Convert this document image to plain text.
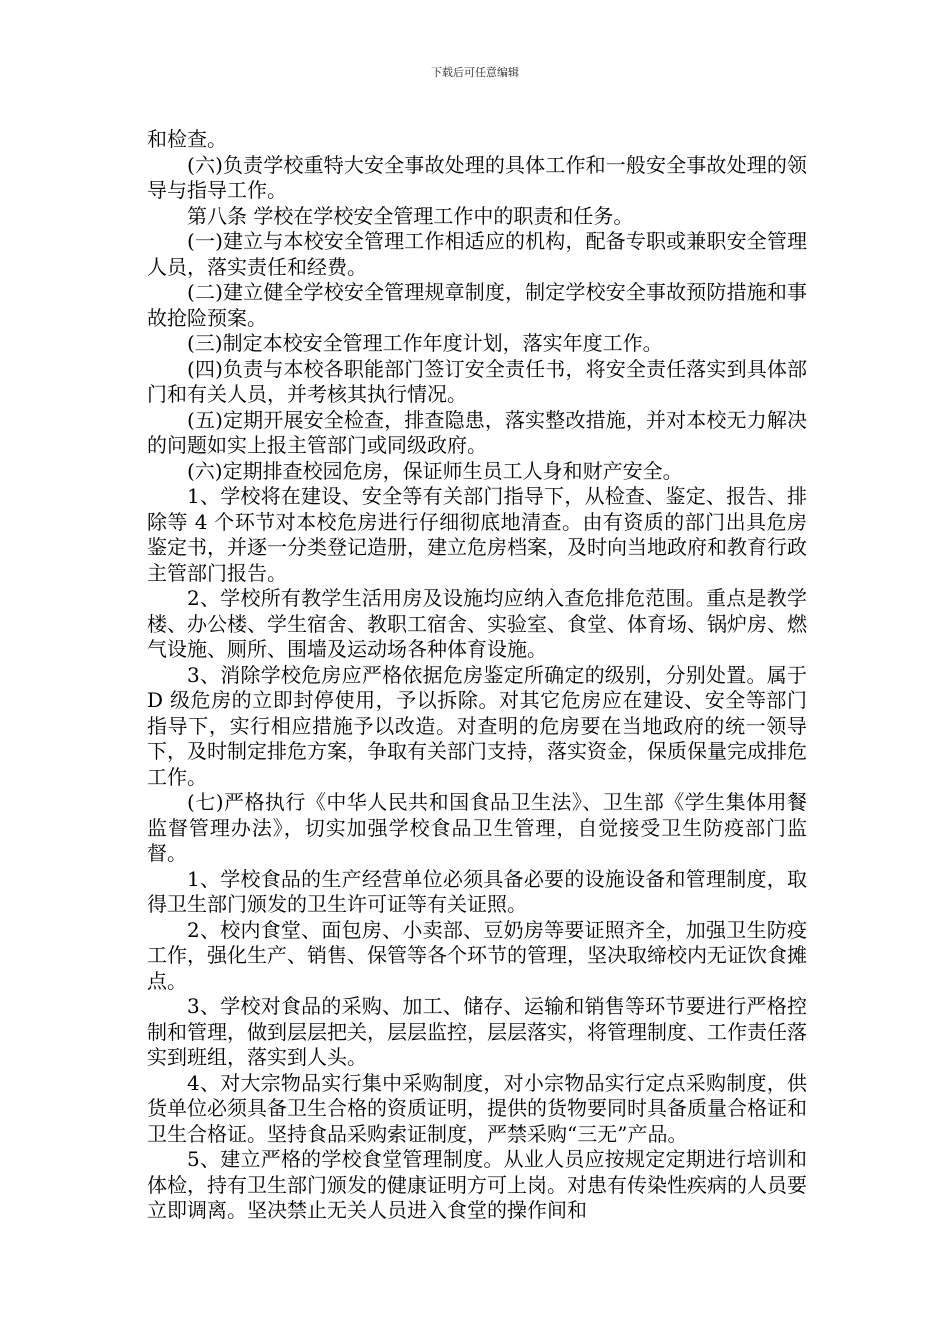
下载后可任意编辑

和检查。

(六)负责学校重特大安全事故处理的具体工作和一般安全事故处理的领导与指导工作。

第八条 学校在学校安全管理工作中的职责和任务。

(一)建立与本校安全管理工作相适应的机构，配备专职或兼职安全管理人员，落实责任和经费。

(二)建立健全学校安全管理规章制度，制定学校安全事故预防措施和事故抢险预案。

(三)制定本校安全管理工作年度计划，落实年度工作。

(四)负责与本校各职能部门签订安全责任书，将安全责任落实到具体部门和有关人员，并考核其执行情况。

(五)定期开展安全检查，排查隐患，落实整改措施，并对本校无力解决的问题如实上报主管部门或同级政府。

(六)定期排查校园危房，保证师生员工人身和财产安全。

1、学校将在建设、安全等有关部门指导下，从检查、鉴定、报告、排除等 4 个环节对本校危房进行仔细彻底地清查。由有资质的部门出具危房鉴定书，并逐一分类登记造册，建立危房档案，及时向当地政府和教育行政主管部门报告。

2、学校所有教学生活用房及设施均应纳入查危排危范围。重点是教学楼、办公楼、学生宿舍、教职工宿舍、实验室、食堂、体育场、锅炉房、燃气设施、厕所、围墙及运动场各种体育设施。

3、消除学校危房应严格依据危房鉴定所确定的级别，分别处置。属于 D 级危房的立即封停使用，予以拆除。对其它危房应在建设、安全等部门指导下，实行相应措施予以改造。对查明的危房要在当地政府的统一领导下，及时制定排危方案，争取有关部门支持，落实资金，保质保量完成排危工作。

(七)严格执行《中华人民共和国食品卫生法》、卫生部《学生集体用餐监督管理办法》，切实加强学校食品卫生管理，自觉接受卫生防疫部门监督。

1、学校食品的生产经营单位必须具备必要的设施设备和管理制度，取得卫生部门颁发的卫生许可证等有关证照。

2、校内食堂、面包房、小卖部、豆奶房等要证照齐全，加强卫生防疫工作，强化生产、销售、保管等各个环节的管理，坚决取缔校内无证饮食摊点。

3、学校对食品的采购、加工、储存、运输和销售等环节要进行严格控制和管理，做到层层把关，层层监控，层层落实，将管理制度、工作责任落实到班组，落实到人头。

4、对大宗物品实行集中采购制度，对小宗物品实行定点采购制度，供货单位必须具备卫生合格的资质证明，提供的货物要同时具备质量合格证和卫生合格证。坚持食品采购索证制度，严禁采购“三无”产品。

5、建立严格的学校食堂管理制度。从业人员应按规定定期进行培训和体检，持有卫生部门颁发的健康证明方可上岗。对患有传染性疾病的人员要立即调离。坚决禁止无关人员进入食堂的操作间和
